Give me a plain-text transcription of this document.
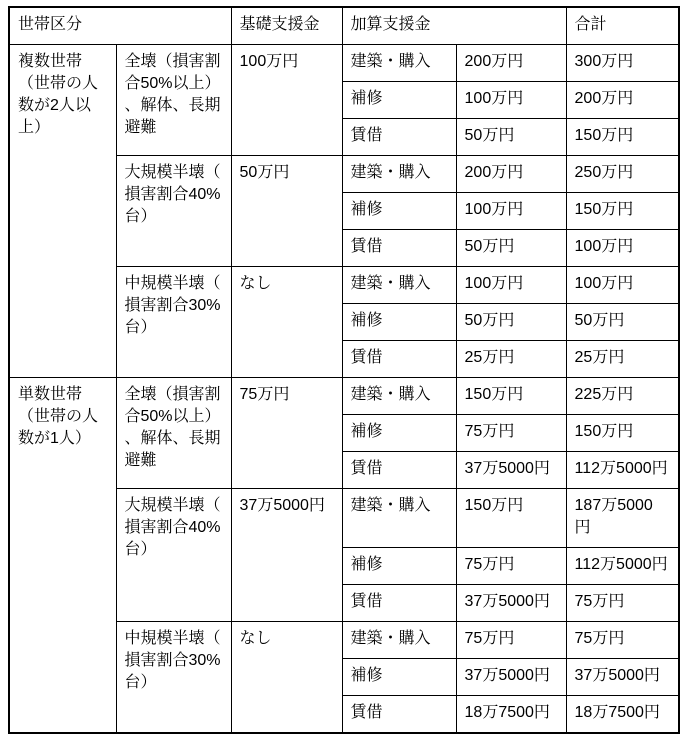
世帯区分		基礎支援金	加算支援金		合計
複数世帯（世帯の人数が2人以上）	全壊（損害割合50%以上）、解体、長期避難	100万円	建築・購入	200万円	300万円
			補修	100万円	200万円
			賃借	50万円	150万円
	大規模半壊（損害割合40%台）	50万円	建築・購入	200万円	250万円
			補修	100万円	150万円
			賃借	50万円	100万円
	中規模半壊（損害割合30%台）	なし	建築・購入	100万円	100万円
			補修	50万円	50万円
			賃借	25万円	25万円
単数世帯（世帯の人数が1人）	全壊（損害割合50%以上）、解体、長期避難	75万円	建築・購入	150万円	225万円
			補修	75万円	150万円
			賃借	37万5000円	112万5000円
	大規模半壊（損害割合40%台）	37万5000円	建築・購入	150万円	187万5000円
			補修	75万円	112万5000円
			賃借	37万5000円	75万円
	中規模半壊（損害割合30%台）	なし	建築・購入	75万円	75万円
			補修	37万5000円	37万5000円
			賃借	18万7500円	18万7500円
